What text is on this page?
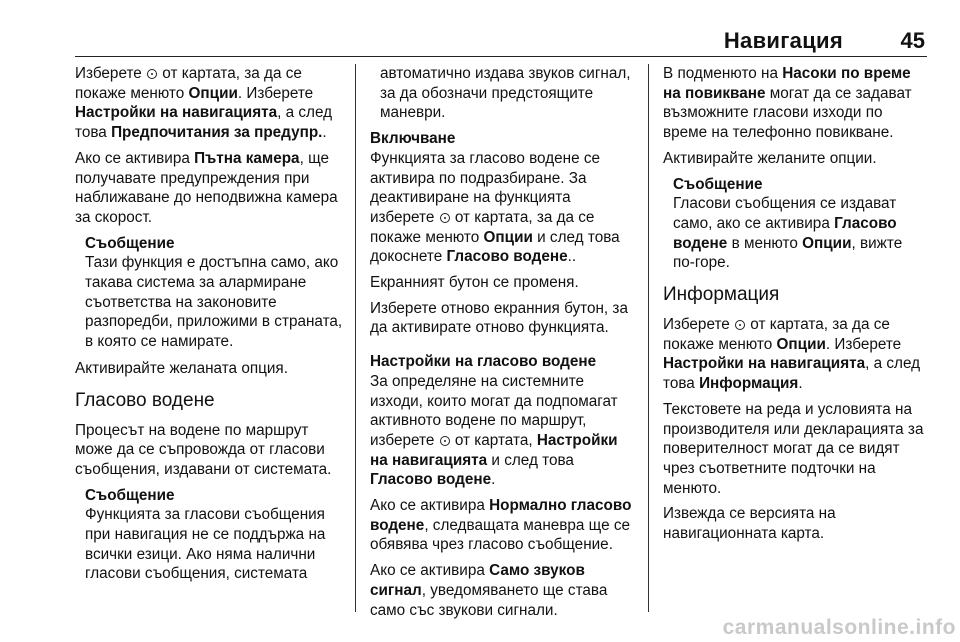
Навигация	45

Изберете от картата, за да се покаже менюто Опции. Изберете Настройки на навигацията, а след това Предпочитания за предупр..

Ако се активира Пътна камера, ще получавате предупреждения при наближаване до неподвижна камера за скорост.

Съобщение

Тази функция е достъпна само, ако такава система за алармиране съответства на законовите разпоредби, приложими в страната, в която се намирате.

Активирайте желаната опция.

Гласово водене

Процесът на водене по маршрут може да се съпровожда от гласови съобщения, издавани от системата.

Съобщение

Функцията за гласови съобщения при навигация не се поддържа на всички езици. Ако няма налични гласови съобщения, системата

автоматично издава звуков сигнал, за да обозначи предстоящите маневри.

Включване

Функцията за гласово водене се активира по подразбиране. За деактивиране на функцията изберете от картата, за да се покаже менюто Опции и след това докоснете Гласово водене..

Екранният бутон се променя.

Изберете отново екранния бутон, за да активирате отново функцията.

Настройки на гласово водене

За определяне на системните изходи, които могат да подпомагат активното водене по маршрут, изберете от картата, Настройки на навигацията и след това Гласово водене.

Ако се активира Нормално гласово водене, следващата маневра ще се обявява чрез гласово съобщение.

Ако се активира Само звуков сигнал, уведомяването ще става само със звукови сигнали.

В подменюто на Насоки по време на повикване могат да се задават възможните гласови изходи по време на телефонно повикване.

Активирайте желаните опции.

Съобщение

Гласови съобщения се издават само, ако се активира Гласово водене в менюто Опции, вижте по-горе.

Информация

Изберете от картата, за да се покаже менюто Опции. Изберете Настройки на навигацията, а след това Информация.

Текстовете на реда и условията на производителя или декларацията за поверителност могат да се видят чрез съответните подточки на менюто.

Извежда се версията на навигационната карта.

carmanualsonline.info
